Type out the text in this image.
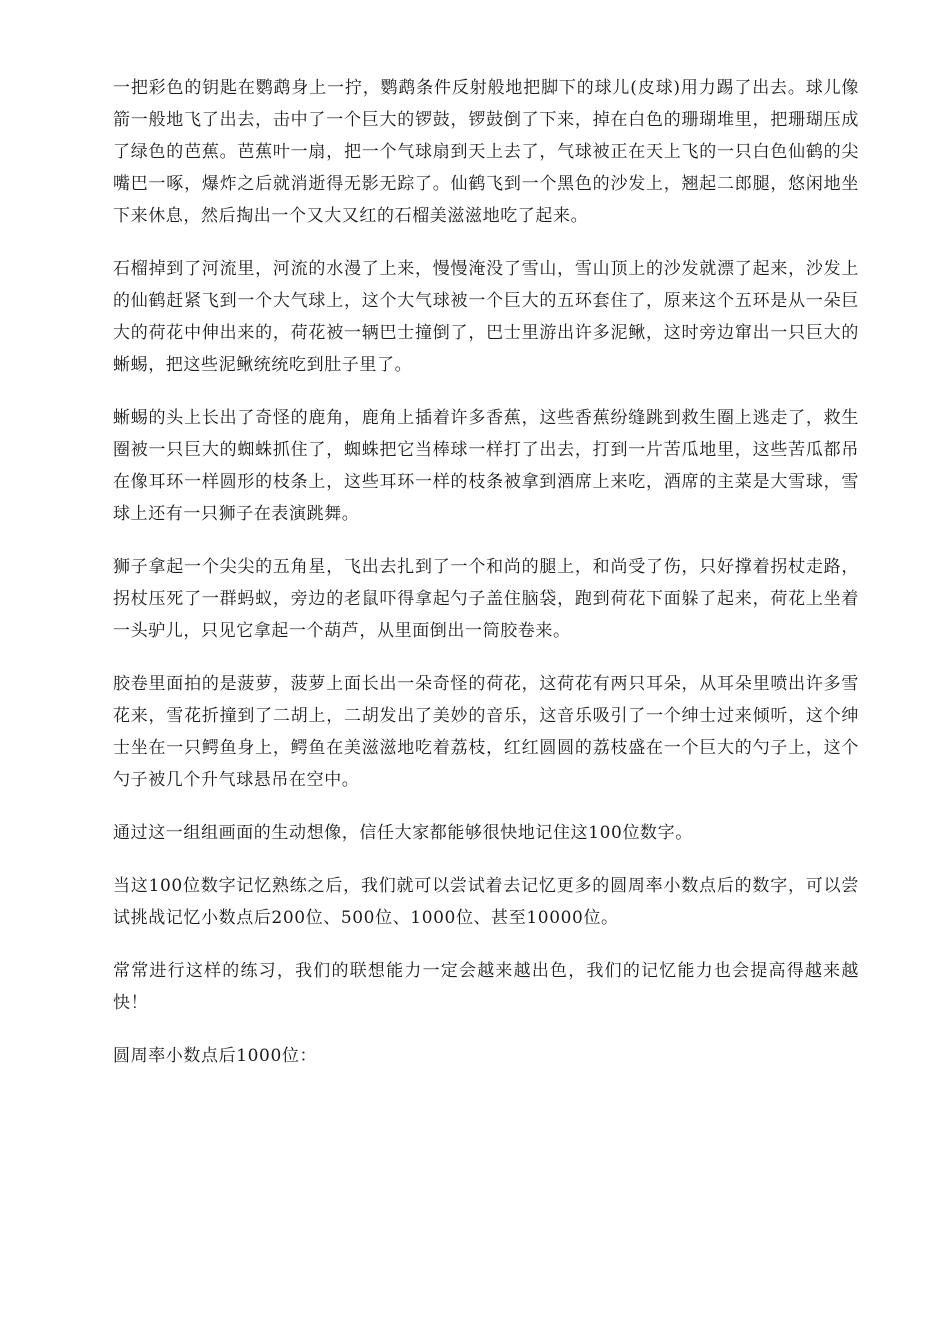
一把彩色的钥匙在鹦鹉身上一拧，鹦鹉条件反射般地把脚下的球儿(皮球)用力踢了出去。球儿像箭一般地飞了出去，击中了一个巨大的锣鼓，锣鼓倒了下来，掉在白色的珊瑚堆里，把珊瑚压成了绿色的芭蕉。芭蕉叶一扇，把一个气球扇到天上去了，气球被正在天上飞的一只白色仙鹤的尖嘴巴一啄，爆炸之后就消逝得无影无踪了。仙鹤飞到一个黑色的沙发上，翘起二郎腿，悠闲地坐下来休息，然后掏出一个又大又红的石榴美滋滋地吃了起来。

石榴掉到了河流里，河流的水漫了上来，慢慢淹没了雪山，雪山顶上的沙发就漂了起来，沙发上的仙鹤赶紧飞到一个大气球上，这个大气球被一个巨大的五环套住了，原来这个五环是从一朵巨大的荷花中伸出来的，荷花被一辆巴士撞倒了，巴士里游出许多泥鳅，这时旁边窜出一只巨大的蜥蜴，把这些泥鳅统统吃到肚子里了。

蜥蜴的头上长出了奇怪的鹿角，鹿角上插着许多香蕉，这些香蕉纷缝跳到救生圈上逃走了，救生圈被一只巨大的蜘蛛抓住了，蜘蛛把它当棒球一样打了出去，打到一片苦瓜地里，这些苦瓜都吊在像耳环一样圆形的枝条上，这些耳环一样的枝条被拿到酒席上来吃，酒席的主菜是大雪球，雪球上还有一只狮子在表演跳舞。

狮子拿起一个尖尖的五角星，飞出去扎到了一个和尚的腿上，和尚受了伤，只好撑着拐杖走路，拐杖压死了一群蚂蚁，旁边的老鼠吓得拿起勺子盖住脑袋，跑到荷花下面躲了起来，荷花上坐着一头驴儿，只见它拿起一个葫芦，从里面倒出一筒胶卷来。

胶卷里面拍的是菠萝，菠萝上面长出一朵奇怪的荷花，这荷花有两只耳朵，从耳朵里喷出许多雪花来，雪花折撞到了二胡上，二胡发出了美妙的音乐，这音乐吸引了一个绅士过来倾听，这个绅士坐在一只鳄鱼身上，鳄鱼在美滋滋地吃着荔枝，红红圆圆的荔枝盛在一个巨大的勺子上，这个勺子被几个升气球悬吊在空中。

通过这一组组画面的生动想像，信任大家都能够很快地记住这100位数字。

当这100位数字记忆熟练之后，我们就可以尝试着去记忆更多的圆周率小数点后的数字，可以尝试挑战记忆小数点后200位、500位、1000位、甚至10000位。

常常进行这样的练习，我们的联想能力一定会越来越出色，我们的记忆能力也会提高得越来越快！

圆周率小数点后1000位：
